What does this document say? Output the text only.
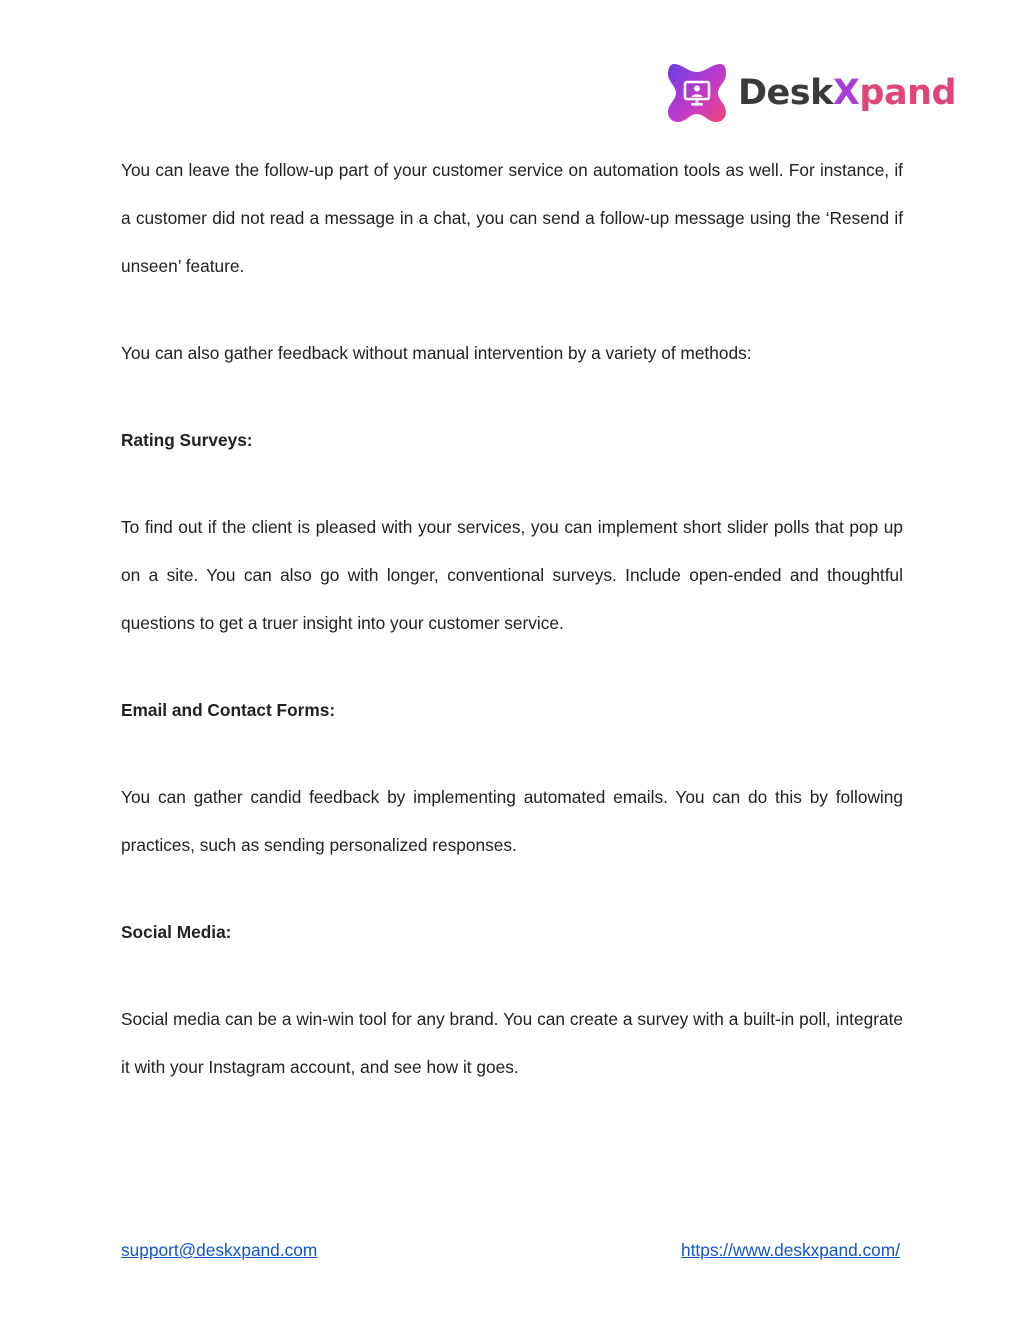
DeskXpand

You can leave the follow-up part of your customer service on automation tools as well. For instance, if a customer did not read a message in a chat, you can send a follow-up message using the ‘Resend if unseen’ feature.

You can also gather feedback without manual intervention by a variety of methods:

Rating Surveys:

To find out if the client is pleased with your services, you can implement short slider polls that pop up on a site. You can also go with longer, conventional surveys. Include open-ended and thoughtful questions to get a truer insight into your customer service.

Email and Contact Forms:

You can gather candid feedback by implementing automated emails. You can do this by following practices, such as sending personalized responses.

Social Media:

Social media can be a win-win tool for any brand. You can create a survey with a built-in poll, integrate it with your Instagram account, and see how it goes.

support@deskxpand.com	https://www.deskxpand.com/
